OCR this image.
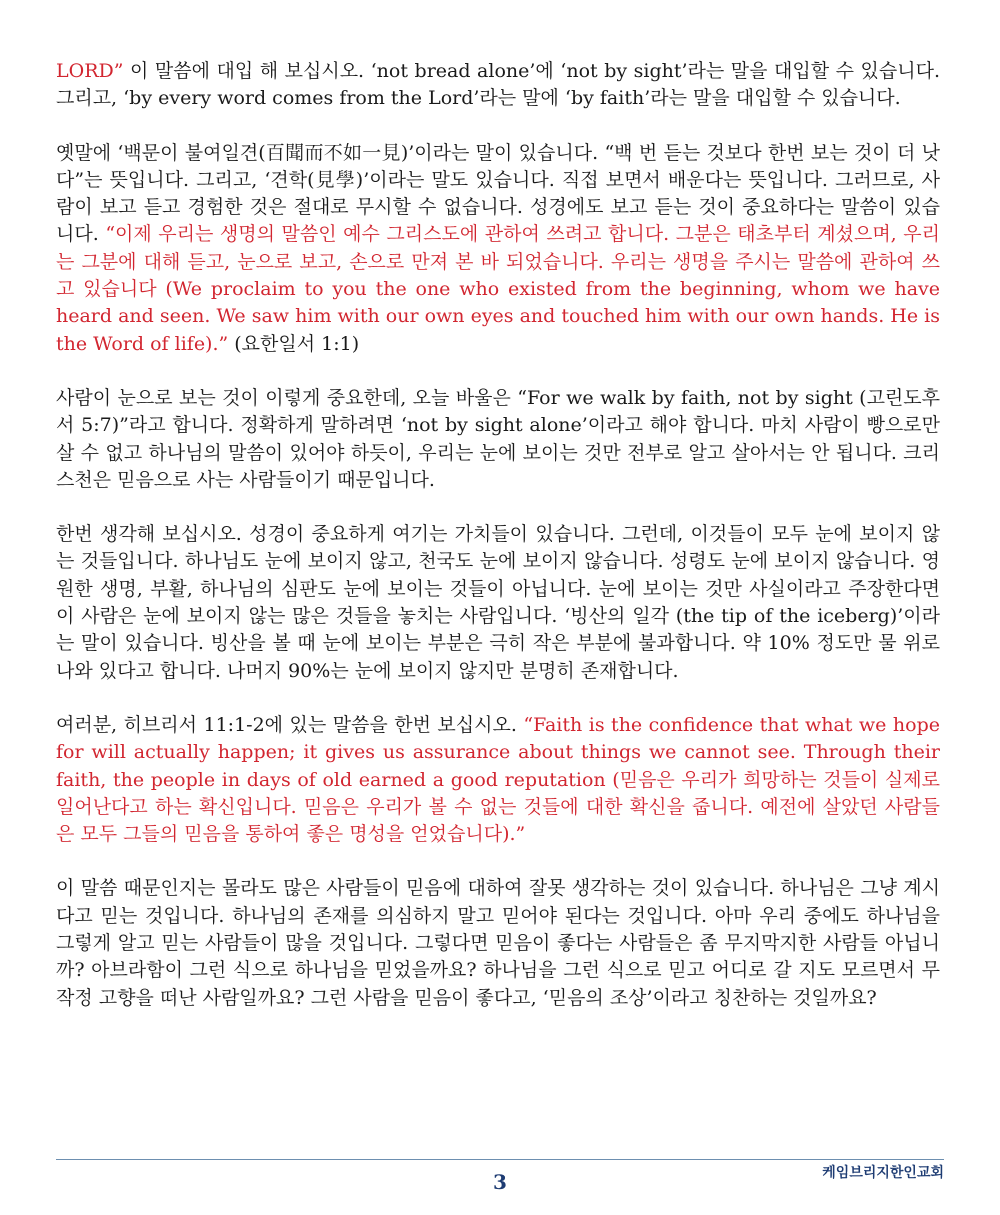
LORD” 이 말씀에 대입 해 보십시오. ‘not bread alone’에 ‘not by sight’라는 말을 대입할 수 있습니다. 그리고, ‘by every word comes from the Lord’라는 말에 ‘by faith’라는 말을 대입할 수 있습니다.

옛말에 ‘백문이 불여일견(百聞而不如一見)’이라는 말이 있습니다. “백 번 듣는 것보다 한번 보는 것이 더 낫다”는 뜻입니다. 그리고, ‘견학(見學)’이라는 말도 있습니다. 직접 보면서 배운다는 뜻입니다. 그러므로, 사람이 보고 듣고 경험한 것은 절대로 무시할 수 없습니다. 성경에도 보고 듣는 것이 중요하다는 말씀이 있습니다. “이제 우리는 생명의 말씀인 예수 그리스도에 관하여 쓰려고 합니다. 그분은 태초부터 계셨으며, 우리는 그분에 대해 듣고, 눈으로 보고, 손으로 만져 본 바 되었습니다. 우리는 생명을 주시는 말씀에 관하여 쓰고 있습니다 (We proclaim to you the one who existed from the beginning, whom we have heard and seen. We saw him with our own eyes and touched him with our own hands. He is the Word of life).” (요한일서 1:1)

사람이 눈으로 보는 것이 이렇게 중요한데, 오늘 바울은 “For we walk by faith, not by sight (고린도후서 5:7)”라고 합니다. 정확하게 말하려면 ‘not by sight alone’이라고 해야 합니다. 마치 사람이 빵으로만 살 수 없고 하나님의 말씀이 있어야 하듯이, 우리는 눈에 보이는 것만 전부로 알고 살아서는 안 됩니다. 크리스천은 믿음으로 사는 사람들이기 때문입니다.

한번 생각해 보십시오. 성경이 중요하게 여기는 가치들이 있습니다. 그런데, 이것들이 모두 눈에 보이지 않는 것들입니다. 하나님도 눈에 보이지 않고, 천국도 눈에 보이지 않습니다. 성령도 눈에 보이지 않습니다. 영원한 생명, 부활, 하나님의 심판도 눈에 보이는 것들이 아닙니다. 눈에 보이는 것만 사실이라고 주장한다면 이 사람은 눈에 보이지 않는 많은 것들을 놓치는 사람입니다. ‘빙산의 일각 (the tip of the iceberg)’이라는 말이 있습니다. 빙산을 볼 때 눈에 보이는 부분은 극히 작은 부분에 불과합니다. 약 10% 정도만 물 위로 나와 있다고 합니다. 나머지 90%는 눈에 보이지 않지만 분명히 존재합니다.

여러분, 히브리서 11:1-2에 있는 말씀을 한번 보십시오. “Faith is the confidence that what we hope for will actually happen; it gives us assurance about things we cannot see. Through their faith, the people in days of old earned a good reputation (믿음은 우리가 희망하는 것들이 실제로 일어난다고 하는 확신입니다. 믿음은 우리가 볼 수 없는 것들에 대한 확신을 줍니다. 예전에 살았던 사람들은 모두 그들의 믿음을 통하여 좋은 명성을 얻었습니다).”

이 말씀 때문인지는 몰라도 많은 사람들이 믿음에 대하여 잘못 생각하는 것이 있습니다. 하나님은 그냥 계시다고 믿는 것입니다. 하나님의 존재를 의심하지 말고 믿어야 된다는 것입니다. 아마 우리 중에도 하나님을 그렇게 알고 믿는 사람들이 많을 것입니다. 그렇다면 믿음이 좋다는 사람들은 좀 무지막지한 사람들 아닙니까? 아브라함이 그런 식으로 하나님을 믿었을까요? 하나님을 그런 식으로 믿고 어디로 갈 지도 모르면서 무작정 고향을 떠난 사람일까요? 그런 사람을 믿음이 좋다고, ‘믿음의 조상’이라고 칭찬하는 것일까요?

케임브리지한인교회
3
